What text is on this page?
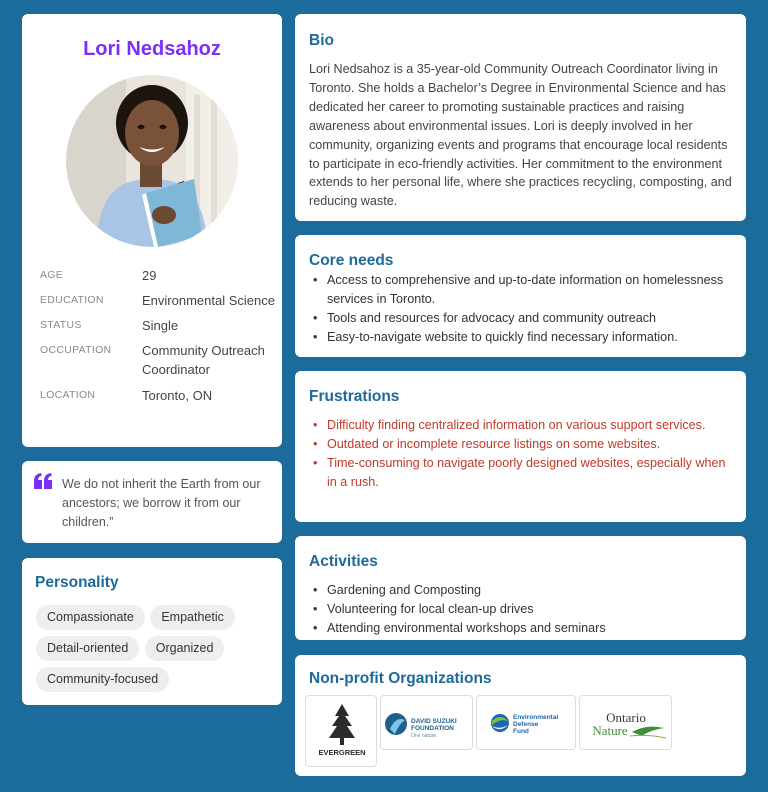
Lori Nedsahoz
AGE	29
EDUCATION	Environmental Science
STATUS	Single
OCCUPATION Community Outreach Coordinator
LOCATION	Toronto, ON
We do not inherit the Earth from our ancestors; we borrow it from our children.”
Personality
Compassionate Empathetic Detail-oriented Organized Community-focused
Bio
Lori Nedsahoz is a 35-year-old Community Outreach Coordinator living in Toronto. She holds a Bachelor’s Degree in Environmental Science and has dedicated her career to promoting sustainable practices and raising awareness about environmental issues. Lori is deeply involved in her community, organizing events and programs that encourage local residents to participate in eco-friendly activities. Her commitment to the environment extends to her personal life, where she practices recycling, composting, and reducing waste.
Core needs
• Access to comprehensive and up-to-date information on homelessness services in Toronto.
• Tools and resources for advocacy and community outreach
• Easy-to-navigate website to quickly find necessary information.
Frustrations
• Difficulty finding centralized information on various support services.
• Outdated or incomplete resource listings on some websites.
• Time-consuming to navigate poorly designed websites, especially when in a rush.
Activities
• Gardening and Composting
• Volunteering for local clean-up drives
• Attending environmental workshops and seminars
Non-profit Organizations
EVERGREEN
DAVID SUZUKI
FOUNDATION
One nature.
Environmental
Defense
Fund
Ontario
Nature
